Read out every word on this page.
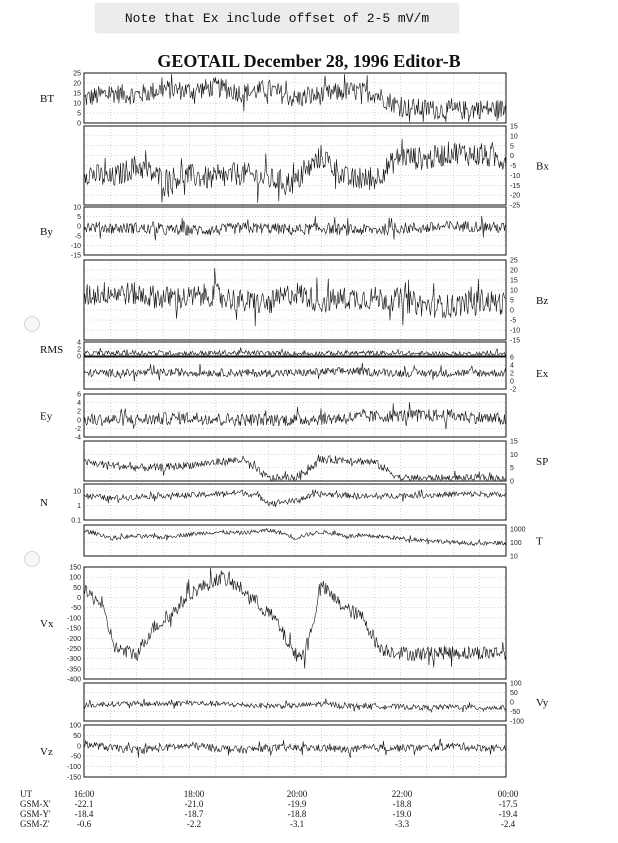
Note that Ex include offset of 2-5 mV/m
GEOTAIL December 28, 1996 Editor-B
25
20
15
10
5
0
BT
15
10
5
0
-5
-10
-15
-20
-25
Bx
10
5
0
-5
-10
-15
By
25
20
15
10
5
0
-5
-10
-15
Bz
4
2
0
RMS
6
4
2
0
-2
Ex
6
4
2
0
-2
-4
Ey
15
10
5
0
SP
10
1
0.1
N
1000
100
10
T
150
100
50
0
-50
-100
-150
-200
-250
-300
-350
-400
Vx
100
50
0
-50
-100
Vy
100
50
0
-50
-100
-150
Vz
UT	16:00	18:00	20:00	22:00	00:00
GSM-X'	-22.1	-21.0	-19.9	-18.8	-17.5
GSM-Y'	-18.4	-18.7	-18.8	-19.0	-19.4
GSM-Z'	-0.6	-2.2	-3.1	-3.3	-2.4
